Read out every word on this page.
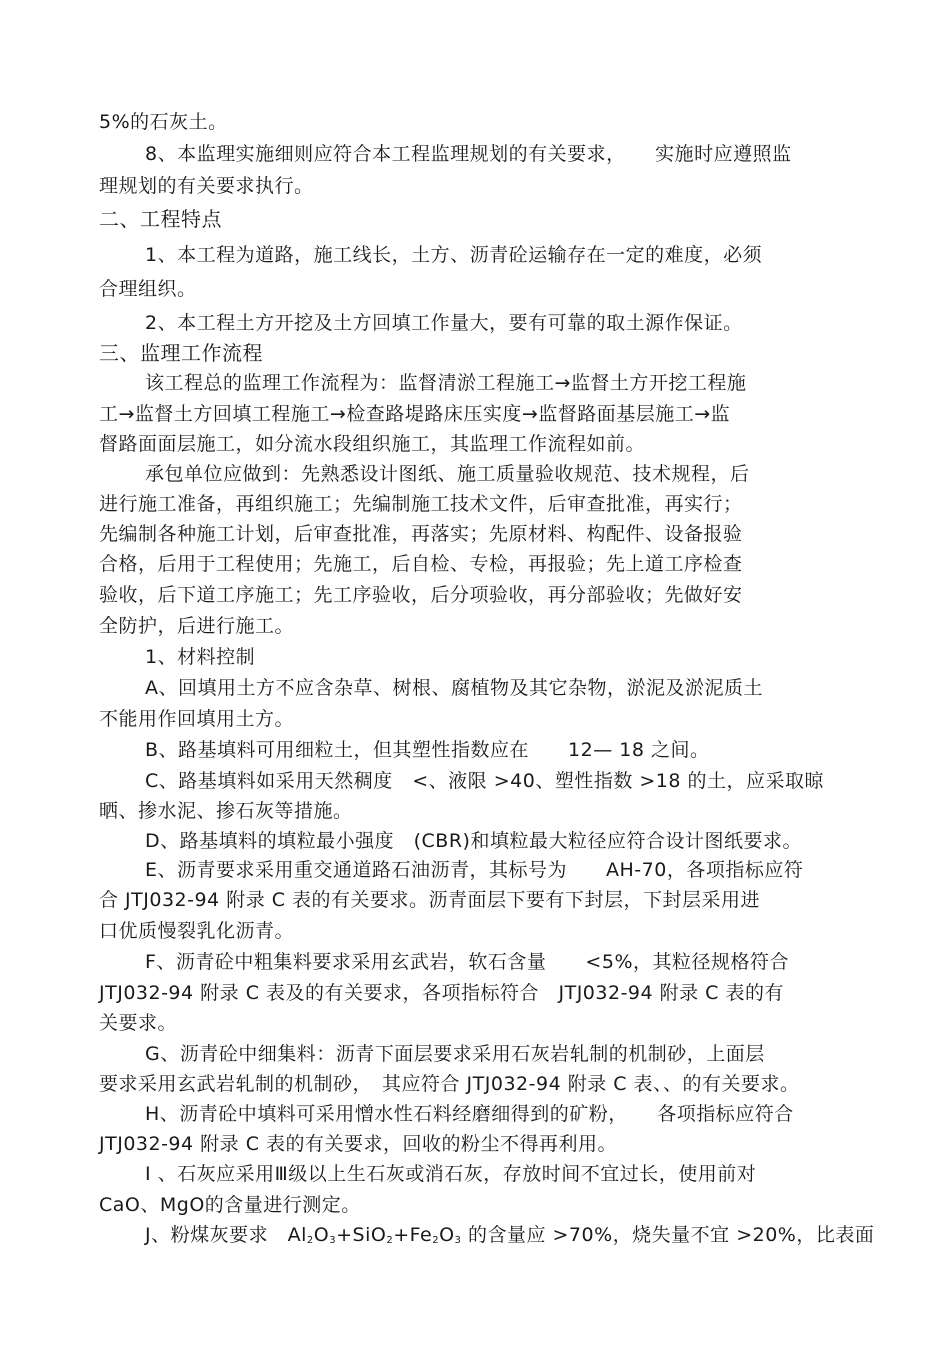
5%的石灰土。
8、本监理实施细则应符合本工程监理规划的有关要求，　　实施时应遵照监
理规划的有关要求执行。
二、工程特点
1、本工程为道路，施工线长，土方、沥青砼运输存在一定的难度，必须
合理组织。
2、本工程土方开挖及土方回填工作量大，要有可靠的取土源作保证。
三、监理工作流程
该工程总的监理工作流程为：监督清淤工程施工→监督土方开挖工程施
工→监督土方回填工程施工→检查路堤路床压实度→监督路面基层施工→监
督路面面层施工，如分流水段组织施工，其监理工作流程如前。
承包单位应做到：先熟悉设计图纸、施工质量验收规范、技术规程，后
进行施工准备，再组织施工；先编制施工技术文件，后审查批准，再实行；
先编制各种施工计划，后审查批准，再落实；先原材料、构配件、设备报验
合格，后用于工程使用；先施工，后自检、专检，再报验；先上道工序检查
验收，后下道工序施工；先工序验收，后分项验收，再分部验收；先做好安
全防护，后进行施工。
1、材料控制
A、回填用土方不应含杂草、树根、腐植物及其它杂物，淤泥及淤泥质土
不能用作回填用土方。
B、路基填料可用细粒土，但其塑性指数应在　　12— 18 之间。
C、路基填料如采用天然稠度　<、液限 >40、塑性指数 >18 的土，应采取晾
晒、掺水泥、掺石灰等措施。
D、路基填料的填粒最小强度　(CBR)和填粒最大粒径应符合设计图纸要求。
E、沥青要求采用重交通道路石油沥青，其标号为　　AH-70，各项指标应符
合 JTJ032-94 附录 C 表的有关要求。沥青面层下要有下封层，下封层采用进
口优质慢裂乳化沥青。
F、沥青砼中粗集料要求采用玄武岩，软石含量　　<5%，其粒径规格符合
JTJ032-94 附录 C 表及的有关要求，各项指标符合　JTJ032-94 附录 C 表的有
关要求。
G、沥青砼中细集料：沥青下面层要求采用石灰岩轧制的机制砂，上面层
要求采用玄武岩轧制的机制砂，　其应符合 JTJ032-94 附录 C 表、、的有关要求。
H、沥青砼中填料可采用憎水性石料经磨细得到的矿粉，　　各项指标应符合
JTJ032-94 附录 C 表的有关要求，回收的粉尘不得再利用。
I 、石灰应采用Ⅲ级以上生石灰或消石灰，存放时间不宜过长，使用前对
CaO、MgO的含量进行测定。
J、粉煤灰要求　$Al_2O_3+SiO_2+Fe_2O_3$ 的含量应 >70%，烧失量不宜 >20%，比表面
